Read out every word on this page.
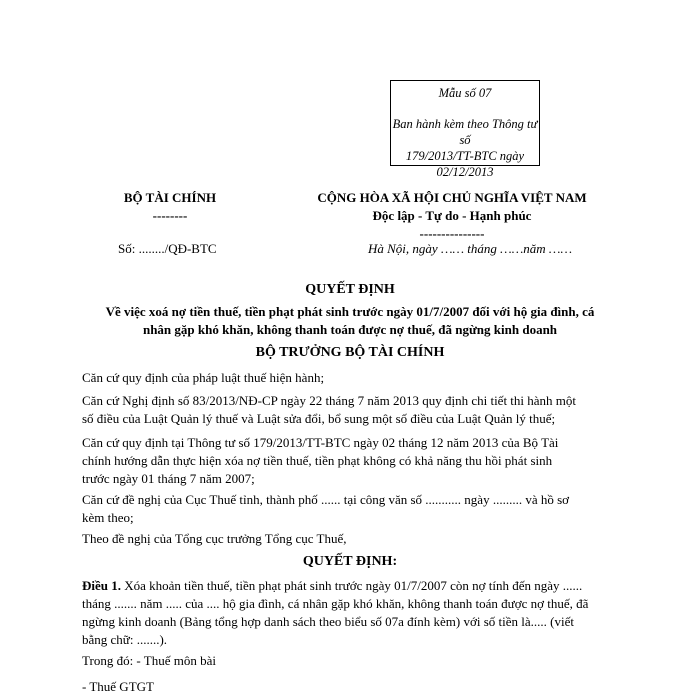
Mẫu số 07
Ban hành kèm theo Thông tư số
179/2013/TT-BTC ngày
02/12/2013
BỘ TÀI CHÍNH
--------
CỘNG HÒA XÃ HỘI CHỦ NGHĨA VIỆT NAM
Độc lập - Tự do - Hạnh phúc
---------------
Số: ......../QĐ-BTC	Hà Nội, ngày …… tháng ……năm ……
QUYẾT ĐỊNH
Về việc xoá nợ tiền thuế, tiền phạt phát sinh trước ngày 01/7/2007 đối với hộ gia đình, cá
nhân gặp khó khăn, không thanh toán được nợ thuế, đã ngừng kinh doanh
BỘ TRƯỞNG BỘ TÀI CHÍNH
Căn cứ quy định của pháp luật thuế hiện hành;
Căn cứ Nghị định số 83/2013/NĐ-CP ngày 22 tháng 7 năm 2013 quy định chi tiết thi hành một
số điều của Luật Quản lý thuế và Luật sửa đổi, bổ sung một số điều của Luật Quản lý thuế;
Căn cứ quy định tại Thông tư số 179/2013/TT-BTC ngày 02 tháng 12 năm 2013 của Bộ Tài
chính hướng dẫn thực hiện xóa nợ tiền thuế, tiền phạt không có khả năng thu hồi phát sinh
trước ngày 01 tháng 7 năm 2007;
Căn cứ đề nghị của Cục Thuế tỉnh, thành phố ...... tại công văn số ........... ngày ......... và hồ sơ
kèm theo;
Theo đề nghị của Tổng cục trưởng Tổng cục Thuế,
QUYẾT ĐỊNH:
Điều 1. Xóa khoản tiền thuế, tiền phạt phát sinh trước ngày 01/7/2007 còn nợ tính đến ngày ......
tháng ....... năm ..... của .... hộ gia đình, cá nhân gặp khó khăn, không thanh toán được nợ thuế, đã
ngừng kinh doanh (Bảng tổng hợp danh sách theo biểu số 07a đính kèm) với số tiền là..... (viết
bằng chữ: .......).
Trong đó: - Thuế môn bài
- Thuế GTGT
